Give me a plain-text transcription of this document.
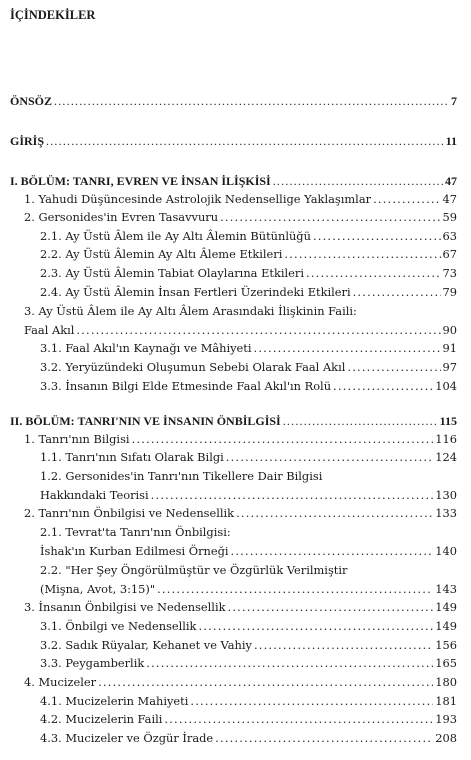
İÇİNDEKİLER
ÖNSÖZ .....	7
GİRİŞ .....	11
I. BÖLÜM: TANRI, EVREN VE İNSAN İLİŞKİSİ .....	47
1. Yahudi Düşüncesinde Astrolojik Nedensellige Yaklaşımlar .....	47
2. Gersonides'in Evren Tasavvuru .....	59
2.1. Ay Üstü Âlem ile Ay Altı Âlemin Bütünlüğü .....	63
2.2. Ay Üstü Âlemin Ay Altı Âleme Etkileri .....	67
2.3. Ay Üstü Âlemin Tabiat Olaylarına Etkileri .....	73
2.4. Ay Üstü Âlemin İnsan Fertleri Üzerindeki Etkileri .....	79
3. Ay Üstü Âlem ile Ay Altı Âlem Arasındaki İlişkinin Faili:
Faal Akıl .....	90
3.1. Faal Akıl'ın Kaynağı ve Mâhiyeti .....	91
3.2. Yeryüzündeki Oluşumun Sebebi Olarak Faal Akıl .....	97
3.3. İnsanın Bilgi Elde Etmesinde Faal Akıl'ın Rolü .....	104
II. BÖLÜM: TANRI'NIN VE İNSANIN ÖNBİLGİSİ .....	115
1. Tanrı'nın Bilgisi .....	116
1.1. Tanrı'nın Sıfatı Olarak Bilgi .....	124
1.2. Gersonides'in Tanrı'nın Tikellere Dair Bilgisi
Hakkındaki Teorisi .....	130
2. Tanrı'nın Önbilgisi ve Nedensellik .....	133
2.1. Tevrat'ta Tanrı'nın Önbilgisi:
İshak'ın Kurban Edilmesi Örneği .....	140
2.2. "Her Şey Öngörülmüştür ve Özgürlük Verilmiştir
(Mişna, Avot, 3:15)" .....	143
3. İnsanın Önbilgisi ve Nedensellik .....	149
3.1. Önbilgi ve Nedensellik .....	149
3.2. Sadık Rüyalar, Kehanet ve Vahiy .....	156
3.3. Peygamberlik .....	165
4. Mucizeler .....	180
4.1. Mucizelerin Mahiyeti .....	181
4.2. Mucizelerin Faili .....	193
4.3. Mucizeler ve Özgür İrade .....	208
